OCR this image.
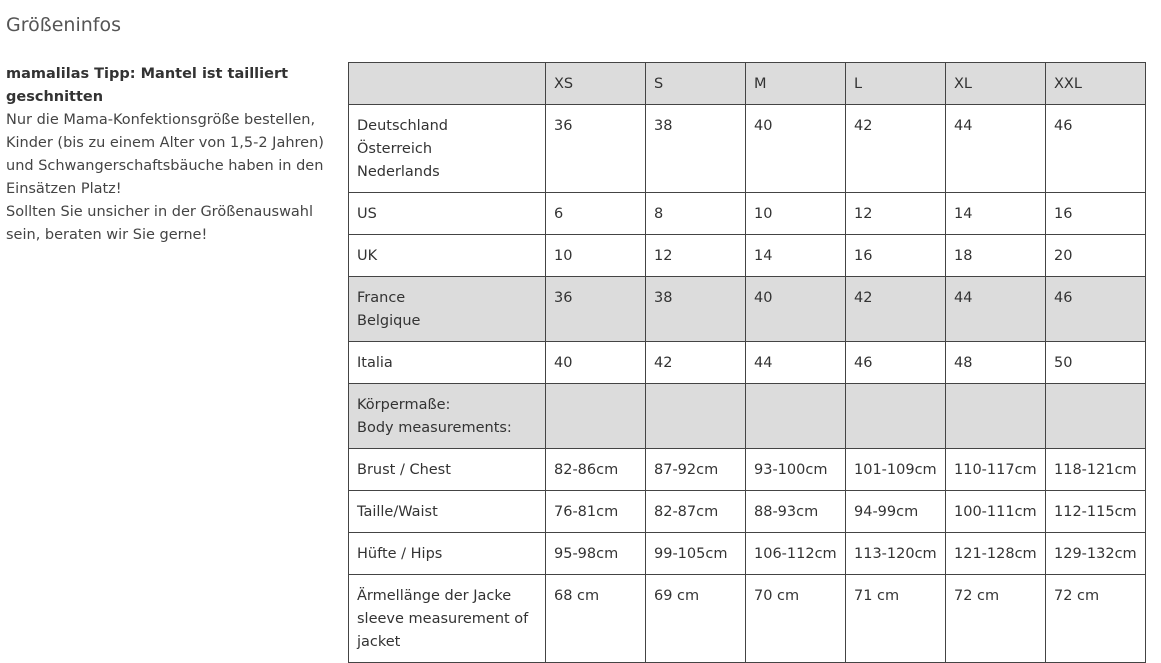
Größeninfos
mamalilas Tipp: Mantel ist tailliert geschnitten
Nur die Mama-Konfektionsgröße bestellen, Kinder (bis zu einem Alter von 1,5-2 Jahren) und Schwangerschaftsbäuche haben in den Einsätzen Platz!
Sollten Sie unsicher in der Größenauswahl sein, beraten wir Sie gerne!
	XS	S	M	L	XL	XXL

Deutschland
Österreich
Nederlands	36	38	40	42	44	46

US	6	8	10	12	14	16

UK	10	12	14	16	18	20

France
Belgique	36	38	40	42	44	46

Italia	40	42	44	46	48	50

Körpermaße:
Body measurements:						

Brust / Chest	82-86cm	87-92cm	93-100cm	101-109cm	110-117cm	118-121cm

Taille/Waist	76-81cm	82-87cm	88-93cm	94-99cm	100-111cm	112-115cm

Hüfte / Hips	95-98cm	99-105cm	106-112cm	113-120cm	121-128cm	129-132cm

Ärmellänge der Jacke
sleeve measurement of
jacket	68 cm	69 cm	70 cm	71 cm	72 cm	72 cm
